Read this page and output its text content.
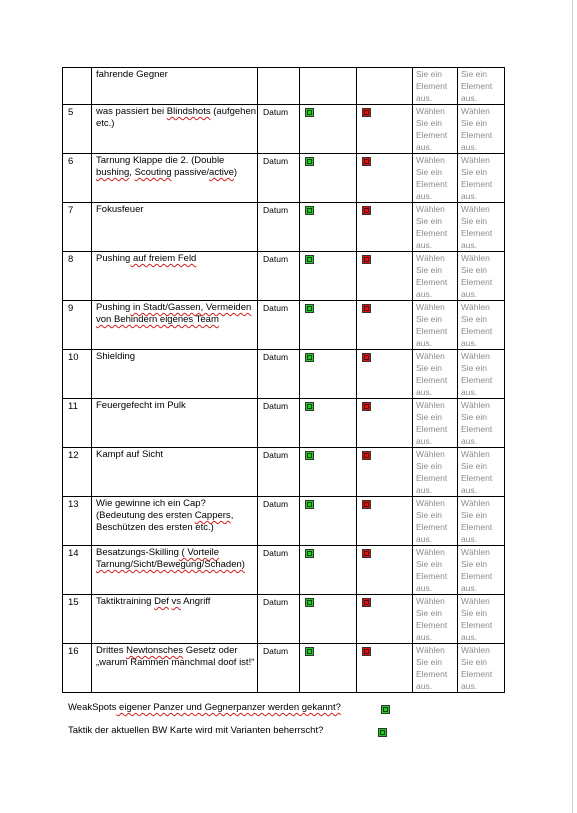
	fahrende Gegner				Sie ein Element aus.	Sie ein Element aus.
5	was passiert bei Blindshots (aufgehen etc.)	Datum			Wählen Sie ein Element aus.	Wählen Sie ein Element aus.
6	Tarnung Klappe die 2. (Double bushing, Scouting passive/active)	Datum			Wählen Sie ein Element aus.	Wählen Sie ein Element aus.
7	Fokusfeuer	Datum			Wählen Sie ein Element aus.	Wählen Sie ein Element aus.
8	Pushing auf freiem Feld	Datum			Wählen Sie ein Element aus.	Wählen Sie ein Element aus.
9	Pushing in Stadt/Gassen, Vermeiden von Behindern eigenes Team	Datum			Wählen Sie ein Element aus.	Wählen Sie ein Element aus.
10	Shielding	Datum			Wählen Sie ein Element aus.	Wählen Sie ein Element aus.
11	Feuergefecht im Pulk	Datum			Wählen Sie ein Element aus.	Wählen Sie ein Element aus.
12	Kampf auf Sicht	Datum			Wählen Sie ein Element aus.	Wählen Sie ein Element aus.
13	Wie gewinne ich ein Cap? (Bedeutung des ersten Cappers, Beschützen des ersten etc.)	Datum			Wählen Sie ein Element aus.	Wählen Sie ein Element aus.
14	Besatzungs-Skilling ( Vorteile Tarnung/Sicht/Bewegung/Schaden)	Datum			Wählen Sie ein Element aus.	Wählen Sie ein Element aus.
15	Taktiktraining Def vs Angriff	Datum			Wählen Sie ein Element aus.	Wählen Sie ein Element aus.
16	Drittes Newtonsches Gesetz oder „warum Rammen manchmal doof ist!“	Datum			Wählen Sie ein Element aus.	Wählen Sie ein Element aus.
WeakSpots eigener Panzer und Gegnerpanzer werden gekannt?
Taktik der aktuellen BW Karte wird mit Varianten beherrscht?
